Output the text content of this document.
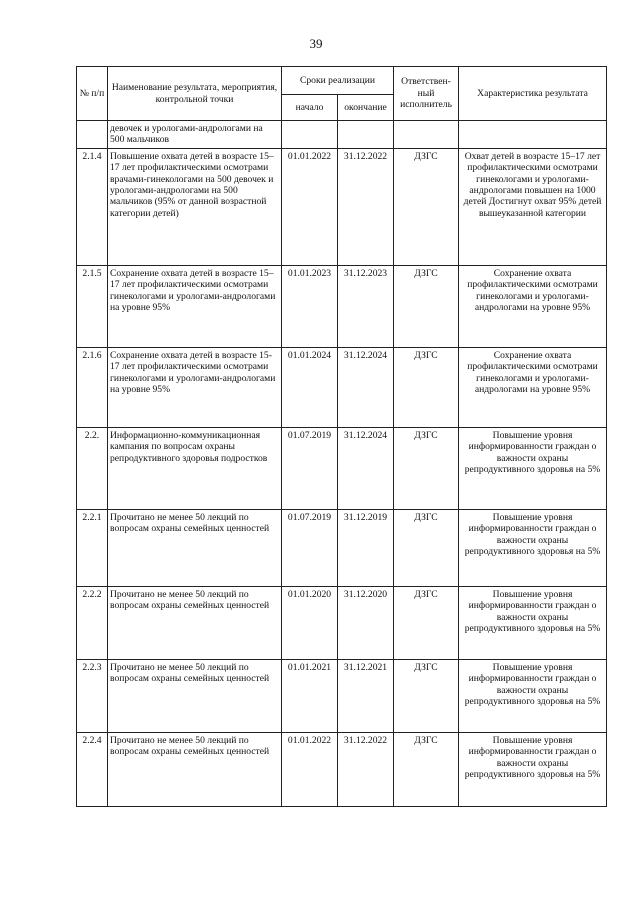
39
№ п/п	Наименование результата, мероприятия, контрольной точки	Сроки реализации		Ответствен-ный исполнитель	Характеристика результата
		начало	окончание		
	девочек и урологами-андрологами на 500 мальчиков				
2.1.4	Повышение охвата детей в возрасте 15–17 лет профилактическими осмотрами врачами-гинекологами на 500 девочек и урологами-андрологами на 500 мальчиков (95% от данной возрастной категории детей)	01.01.2022	31.12.2022	ДЗГС	Охват детей в возрасте 15–17 лет профилактическими осмотрами гинекологами и урологами-андрологами повышен на 1000 детей Достигнут охват 95% детей вышеуказанной категории
2.1.5	Сохранение охвата детей в возрасте 15–17 лет профилактическими осмотрами гинекологами и урологами-андрологами на уровне 95%	01.01.2023	31.12.2023	ДЗГС	Сохранение охвата профилактическими осмотрами гинекологами и урологами-андрологами на уровне 95%
2.1.6	Сохранение охвата детей в возрасте 15-17 лет профилактическими осмотрами гинекологами и урологами-андрологами на уровне 95%	01.01.2024	31.12.2024	ДЗГС	Сохранение охвата профилактическими осмотрами гинекологами и урологами-андрологами на уровне 95%
2.2.	Информационно-коммуникационная кампания по вопросам охраны репродуктивного здоровья подростков	01.07.2019	31.12.2024	ДЗГС	Повышение уровня информированности граждан о важности охраны репродуктивного здоровья на 5%
2.2.1	Прочитано не менее 50 лекций по вопросам охраны семейных ценностей	01.07.2019	31.12.2019	ДЗГС	Повышение уровня информированности граждан о важности охраны репродуктивного здоровья на 5%
2.2.2	Прочитано не менее 50 лекций по вопросам охраны семейных ценностей	01.01.2020	31.12.2020	ДЗГС	Повышение уровня информированности граждан о важности охраны репродуктивного здоровья на 5%
2.2.3	Прочитано не менее 50 лекций по вопросам охраны семейных ценностей	01.01.2021	31.12.2021	ДЗГС	Повышение уровня информированности граждан о важности охраны репродуктивного здоровья на 5%
2.2.4	Прочитано не менее 50 лекций по вопросам охраны семейных ценностей	01.01.2022	31.12.2022	ДЗГС	Повышение уровня информированности граждан о важности охраны репродуктивного здоровья на 5%
